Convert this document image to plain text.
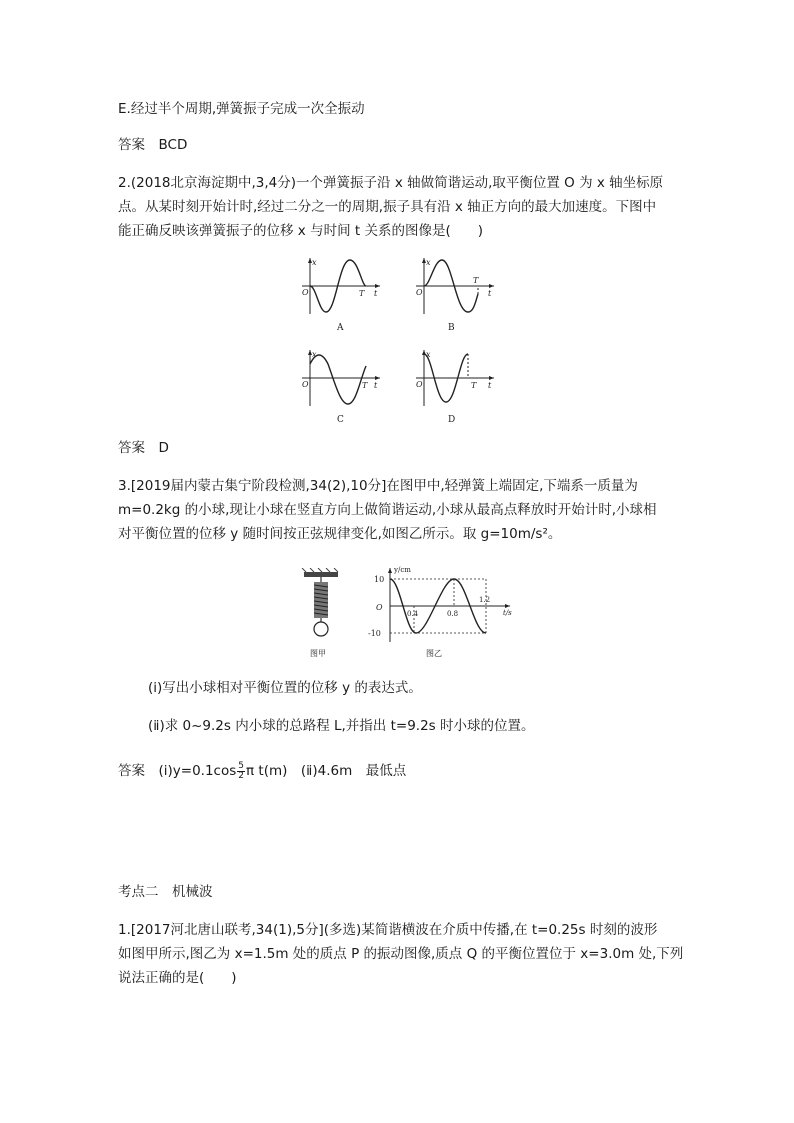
E.经过半个周期,弹簧振子完成一次全振动
答案　BCD
2.(2018北京海淀期中,3,4分)一个弹簧振子沿 x 轴做简谐运动,取平衡位置 O 为 x 轴坐标原
点。从某时刻开始计时,经过二分之一的周期,振子具有沿 x 轴正方向的最大加速度。下图中
能正确反映该弹簧振子的位移 x 与时间 t 关系的图像是(　　)
x
O	T t
A
x
O
T
t
B
x
O	T t
C
x
O	T t
D
答案　D
3.[2019届内蒙古集宁阶段检测,34(2),10分]在图甲中,轻弹簧上端固定,下端系一质量为
m=0.2kg 的小球,现让小球在竖直方向上做简谐运动,小球从最高点释放时开始计时,小球相
对平衡位置的位移 y 随时间按正弦规律变化,如图乙所示。取 g=10m/s²。
图甲
y/cm
t/s
10
O
-10
0.4	0.8
1.2
图乙
(ⅰ)写出小球相对平衡位置的位移 y 的表达式。
(ⅱ)求 0~9.2s 内小球的总路程 L,并指出 t=9.2s 时小球的位置。
答案　(ⅰ)y=0.1cos $\frac{5}{2}$ π t(m)　(ⅱ)4.6m　最低点
考点二　机械波
1.[2017河北唐山联考,34(1),5分](多选)某简谐横波在介质中传播,在 t=0.25s 时刻的波形
如图甲所示,图乙为 x=1.5m 处的质点 P 的振动图像,质点 Q 的平衡位置位于 x=3.0m 处,下列
说法正确的是(　　)
